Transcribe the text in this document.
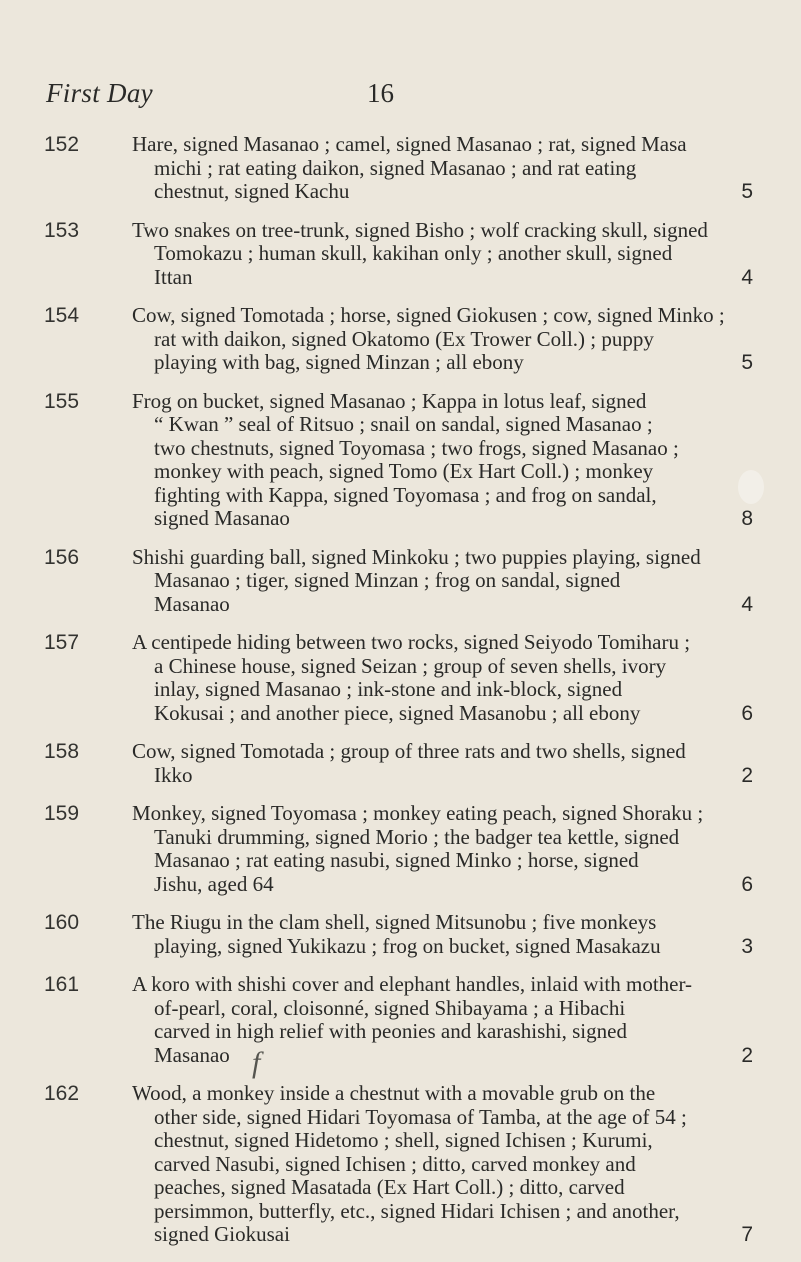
First Day	16
152	Hare, signed Masanao ; camel, signed Masanao ; rat, signed Masa
michi ; rat eating daikon, signed Masanao ; and rat eating
chestnut, signed Kachu	5
153	Two snakes on tree-trunk, signed Bisho ; wolf cracking skull, signed
Tomokazu ; human skull, kakihan only ; another skull, signed
Ittan	4
154	Cow, signed Tomotada ; horse, signed Giokusen ; cow, signed Minko ;
rat with daikon, signed Okatomo (Ex Trower Coll.) ; puppy
playing with bag, signed Minzan ; all ebony	5
155	Frog on bucket, signed Masanao ; Kappa in lotus leaf, signed
“ Kwan ” seal of Ritsuo ; snail on sandal, signed Masanao ;
two chestnuts, signed Toyomasa ; two frogs, signed Masanao ;
monkey with peach, signed Tomo (Ex Hart Coll.) ; monkey
fighting with Kappa, signed Toyomasa ; and frog on sandal,
signed Masanao	8
156	Shishi guarding ball, signed Minkoku ; two puppies playing, signed
Masanao ; tiger, signed Minzan ; frog on sandal, signed
Masanao	4
157	A centipede hiding between two rocks, signed Seiyodo Tomiharu ;
a Chinese house, signed Seizan ; group of seven shells, ivory
inlay, signed Masanao ; ink-stone and ink-block, signed
Kokusai ; and another piece, signed Masanobu ; all ebony	6
158	Cow, signed Tomotada ; group of three rats and two shells, signed
Ikko	2
159	Monkey, signed Toyomasa ; monkey eating peach, signed Shoraku ;
Tanuki drumming, signed Morio ; the badger tea kettle, signed
Masanao ; rat eating nasubi, signed Minko ; horse, signed
Jishu, aged 64	6
160	The Riugu in the clam shell, signed Mitsunobu ; five monkeys
playing, signed Yukikazu ; frog on bucket, signed Masakazu	3
161	A koro with shishi cover and elephant handles, inlaid with mother-
of-pearl, coral, cloisonné, signed Shibayama ; a Hibachi
carved in high relief with peonies and karashishi, signed
Masanao	2
162	Wood, a monkey inside a chestnut with a movable grub on the
other side, signed Hidari Toyomasa of Tamba, at the age of 54 ;
chestnut, signed Hidetomo ; shell, signed Ichisen ; Kurumi,
carved Nasubi, signed Ichisen ; ditto, carved monkey and
peaches, signed Masatada (Ex Hart Coll.) ; ditto, carved
persimmon, butterfly, etc., signed Hidari Ichisen ; and another,
signed Giokusai	7
f
